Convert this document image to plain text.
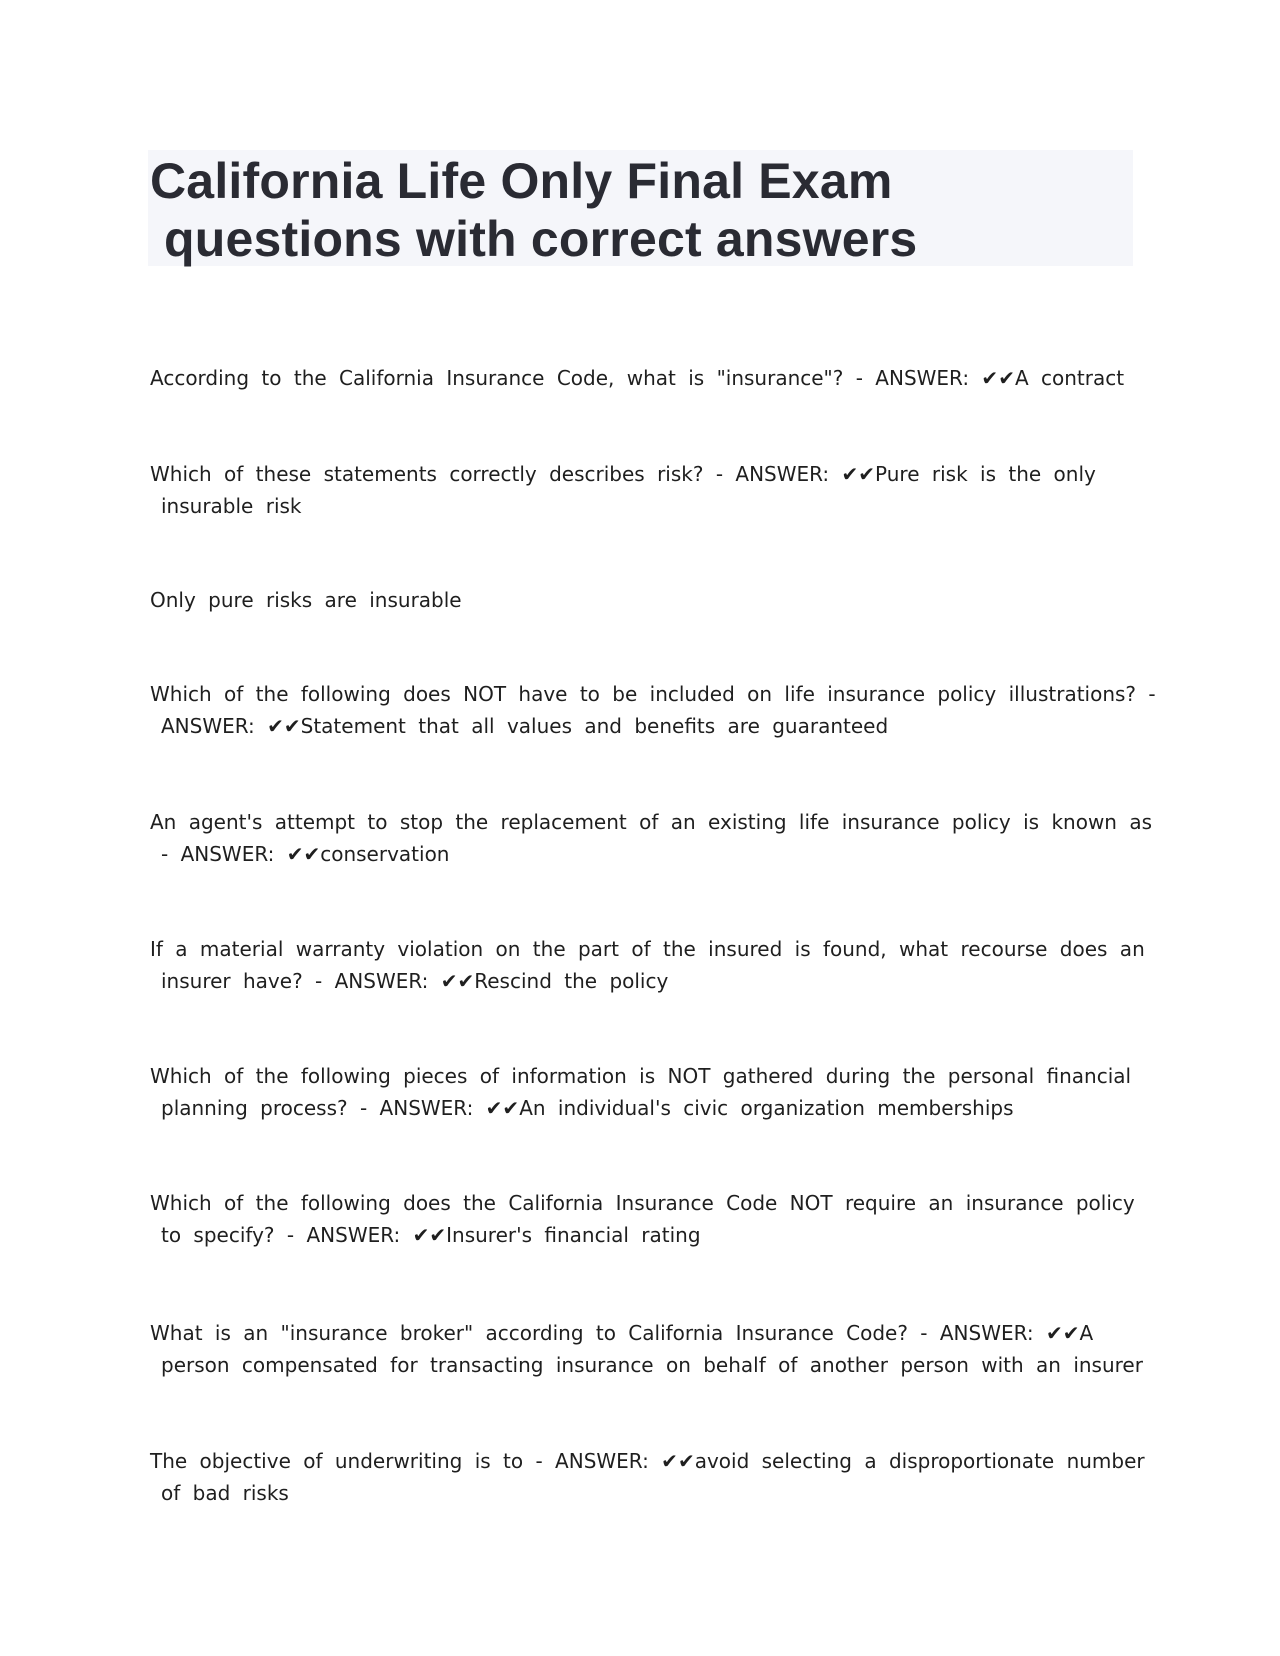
California Life Only Final Exam
questions with correct answers
According to the California Insurance Code, what is "insurance"? - ANSWER: ✔✔A contract
Which of these statements correctly describes risk? - ANSWER: ✔✔Pure risk is the only
insurable risk
Only pure risks are insurable
Which of the following does NOT have to be included on life insurance policy illustrations? -
ANSWER: ✔✔Statement that all values and benefits are guaranteed
An agent's attempt to stop the replacement of an existing life insurance policy is known as
- ANSWER: ✔✔conservation
If a material warranty violation on the part of the insured is found, what recourse does an
insurer have? - ANSWER: ✔✔Rescind the policy
Which of the following pieces of information is NOT gathered during the personal financial
planning process? - ANSWER: ✔✔An individual's civic organization memberships
Which of the following does the California Insurance Code NOT require an insurance policy
to specify? - ANSWER: ✔✔Insurer's financial rating
What is an "insurance broker" according to California Insurance Code? - ANSWER: ✔✔A
person compensated for transacting insurance on behalf of another person with an insurer
The objective of underwriting is to - ANSWER: ✔✔avoid selecting a disproportionate number
of bad risks
